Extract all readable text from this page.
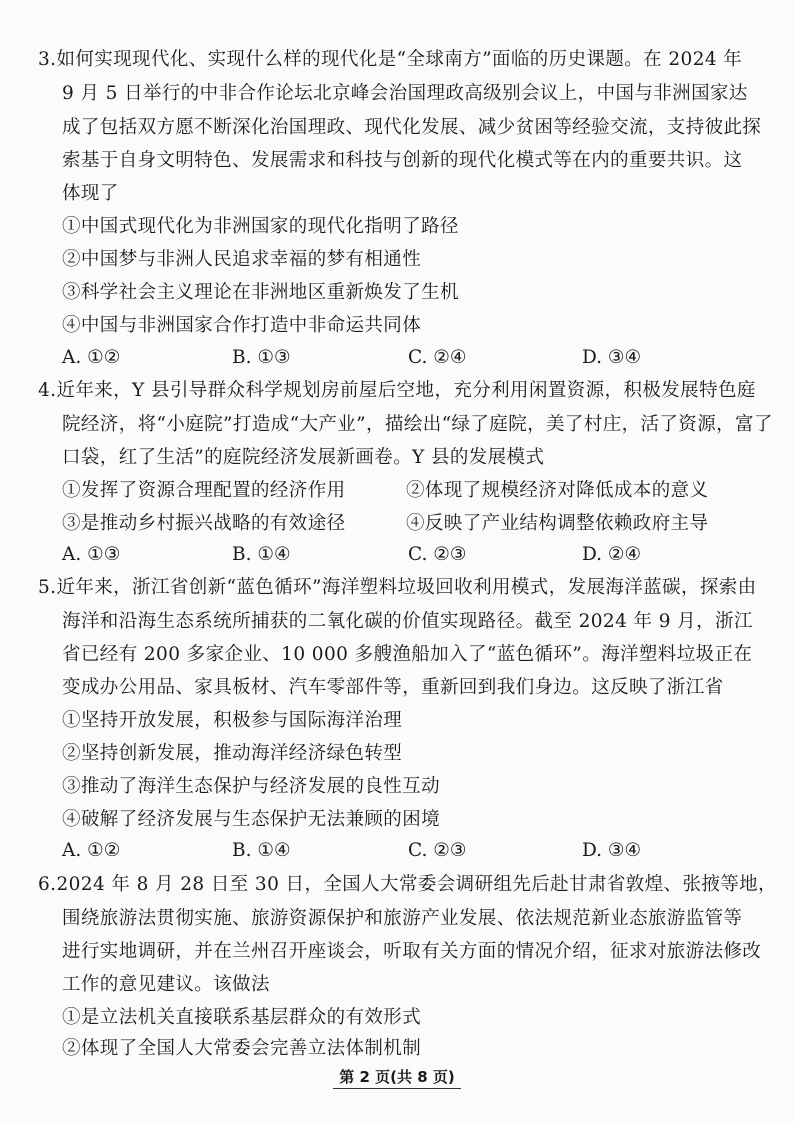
3.如何实现现代化、实现什么样的现代化是“全球南方”面临的历史课题。在 2024 年
9 月 5 日举行的中非合作论坛北京峰会治国理政高级别会议上，中国与非洲国家达
成了包括双方愿不断深化治国理政、现代化发展、减少贫困等经验交流，支持彼此探
索基于自身文明特色、发展需求和科技与创新的现代化模式等在内的重要共识。这
体现了
①中国式现代化为非洲国家的现代化指明了路径
②中国梦与非洲人民追求幸福的梦有相通性
③科学社会主义理论在非洲地区重新焕发了生机
④中国与非洲国家合作打造中非命运共同体
A. ①②	B. ①③	C. ②④	D. ③④
4.近年来，Y 县引导群众科学规划房前屋后空地，充分利用闲置资源，积极发展特色庭
院经济，将“小庭院”打造成“大产业”，描绘出“绿了庭院，美了村庄，活了资源，富了
口袋，红了生活”的庭院经济发展新画卷。Y 县的发展模式
①发挥了资源合理配置的经济作用	②体现了规模经济对降低成本的意义
③是推动乡村振兴战略的有效途径	④反映了产业结构调整依赖政府主导
A. ①③	B. ①④	C. ②③	D. ②④
5.近年来，浙江省创新“蓝色循环”海洋塑料垃圾回收利用模式，发展海洋蓝碳，探索由
海洋和沿海生态系统所捕获的二氧化碳的价值实现路径。截至 2024 年 9 月，浙江
省已经有 200 多家企业、10 000 多艘渔船加入了“蓝色循环”。海洋塑料垃圾正在
变成办公用品、家具板材、汽车零部件等，重新回到我们身边。这反映了浙江省
①坚持开放发展，积极参与国际海洋治理
②坚持创新发展，推动海洋经济绿色转型
③推动了海洋生态保护与经济发展的良性互动
④破解了经济发展与生态保护无法兼顾的困境
A. ①②	B. ①④	C. ②③	D. ③④
6.2024 年 8 月 28 日至 30 日，全国人大常委会调研组先后赴甘肃省敦煌、张掖等地，
围绕旅游法贯彻实施、旅游资源保护和旅游产业发展、依法规范新业态旅游监管等
进行实地调研，并在兰州召开座谈会，听取有关方面的情况介绍，征求对旅游法修改
工作的意见建议。该做法
①是立法机关直接联系基层群众的有效形式
②体现了全国人大常委会完善立法体制机制
第 2 页(共 8 页)
